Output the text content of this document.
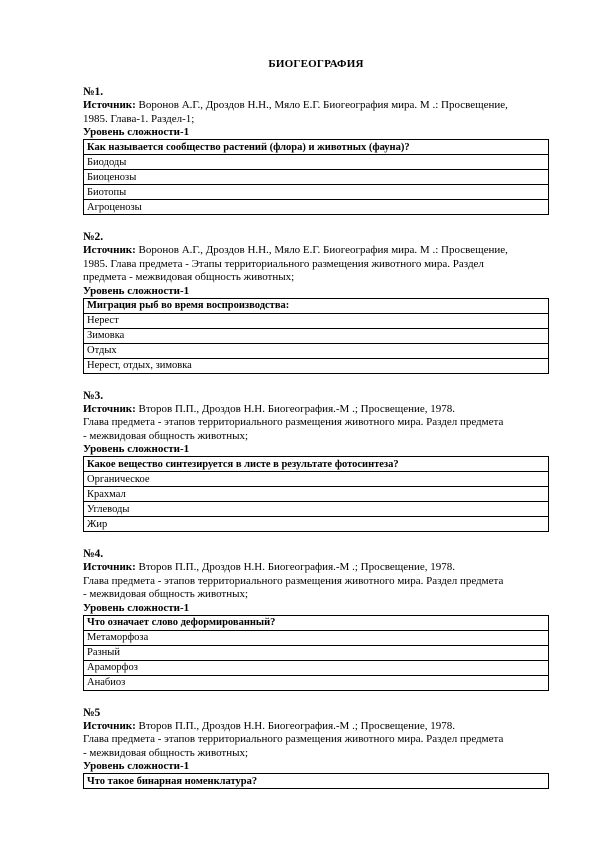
БИОГЕОГРАФИЯ
№1.
Источник: Воронов А.Г., Дроздов Н.Н., Мяло Е.Г. Биогеография мира. М .: Просвещение,
1985. Глава-1. Раздел-1;
Уровень сложности-1
Как называется сообщество растений (флора) и животных (фауна)?
Биододы
Биоценозы
Биотопы
Агроценозы
№2.
Источник: Воронов А.Г., Дроздов Н.Н., Мяло Е.Г. Биогеография мира. М .: Просвещение,
1985. Глава предмета - Этапы территориального размещения животного мира. Раздел
предмета - межвидовая общность животных;
Уровень сложности-1
Миграция рыб во время воспроизводства:
Нерест
Зимовка
Отдых
Нерест, отдых, зимовка
№3.
Источник: Второв П.П., Дроздов Н.Н. Биогеография.-М .; Просвещение, 1978.
Глава предмета - этапов территориального размещения животного мира. Раздел предмета
- межвидовая общность животных;
Уровень сложности-1
Какое вещество синтезируется в листе в результате фотосинтеза?
Органическое
Крахмал
Углеводы
Жир
№4.
Источник: Второв П.П., Дроздов Н.Н. Биогеография.-М .; Просвещение, 1978.
Глава предмета - этапов территориального размещения животного мира. Раздел предмета
- межвидовая общность животных;
Уровень сложности-1
Что означает слово деформированный?
Метаморфоза
Разный
Араморфоз
Анабиоз
№5
Источник: Второв П.П., Дроздов Н.Н. Биогеография.-М .; Просвещение, 1978.
Глава предмета - этапов территориального размещения животного мира. Раздел предмета
- межвидовая общность животных;
Уровень сложности-1
Что такое бинарная номенклатура?
